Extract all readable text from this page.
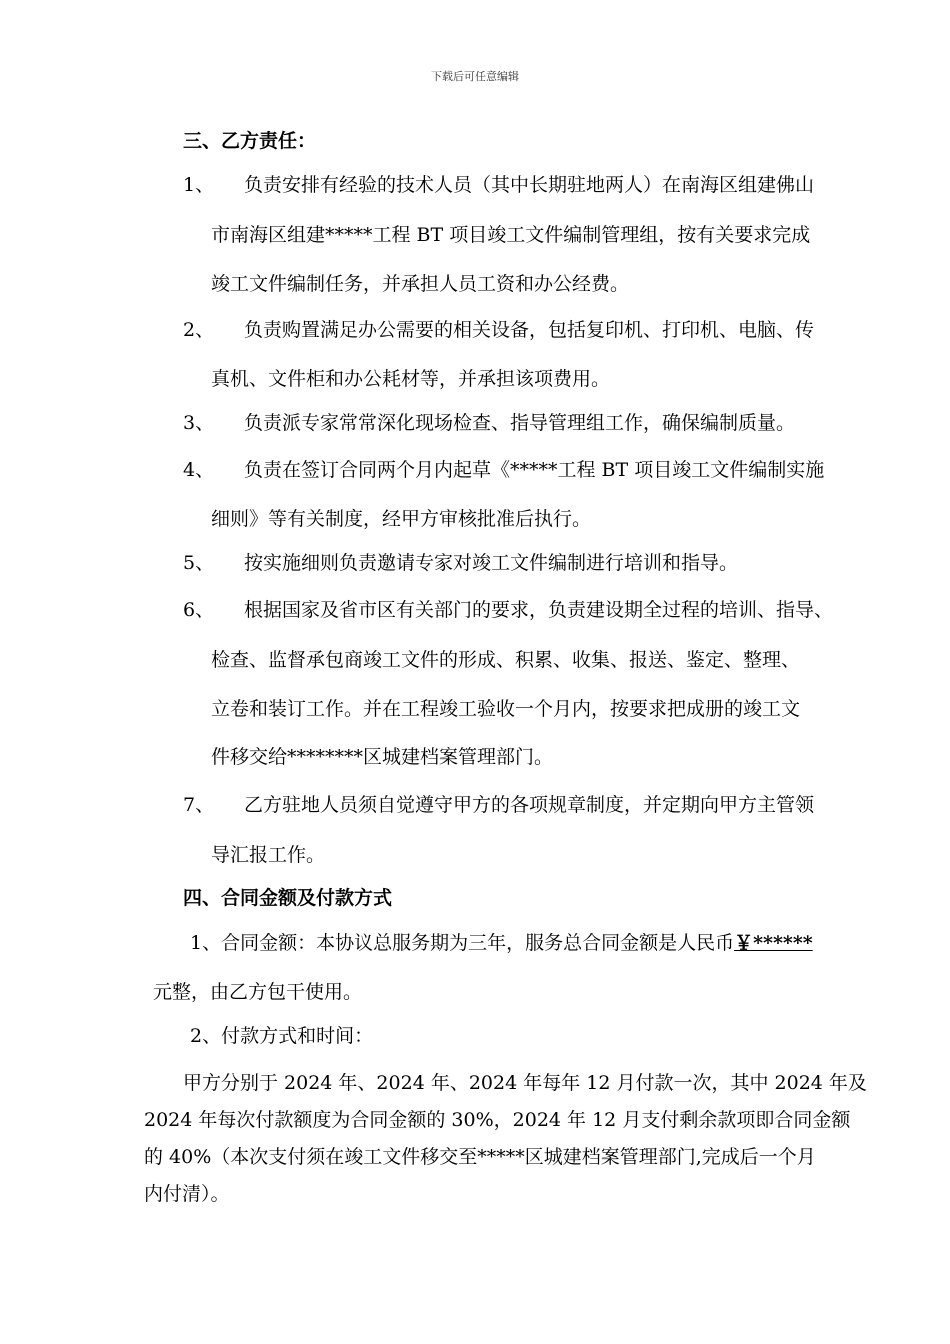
下载后可任意编辑
三、乙方责任：
1、 负责安排有经验的技术人员（其中长期驻地两人）在南海区组建佛山
市南海区组建*****工程 BT 项目竣工文件编制管理组，按有关要求完成
竣工文件编制任务，并承担人员工资和办公经费。
2、 负责购置满足办公需要的相关设备，包括复印机、打印机、电脑、传
真机、文件柜和办公耗材等，并承担该项费用。
3、 负责派专家常常深化现场检查、指导管理组工作，确保编制质量。
4、 负责在签订合同两个月内起草《*****工程 BT 项目竣工文件编制实施
细则》等有关制度，经甲方审核批准后执行。
5、 按实施细则负责邀请专家对竣工文件编制进行培训和指导。
6、 根据国家及省市区有关部门的要求，负责建设期全过程的培训、指导、
检查、监督承包商竣工文件的形成、积累、收集、报送、鉴定、整理、
立卷和装订工作。并在工程竣工验收一个月内，按要求把成册的竣工文
件移交给********区城建档案管理部门。
7、 乙方驻地人员须自觉遵守甲方的各项规章制度，并定期向甲方主管领
导汇报工作。
四、合同金额及付款方式
1、合同金额：本协议总服务期为三年，服务总合同金额是人民币￥******
元整，由乙方包干使用。
2、付款方式和时间：
甲方分别于 2024 年、2024 年、2024 年每年 12 月付款一次，其中 2024 年及
2024 年每次付款额度为合同金额的 30%，2024 年 12 月支付剩余款项即合同金额
的 40%（本次支付须在竣工文件移交至*****区城建档案管理部门,完成后一个月
内付清）。
